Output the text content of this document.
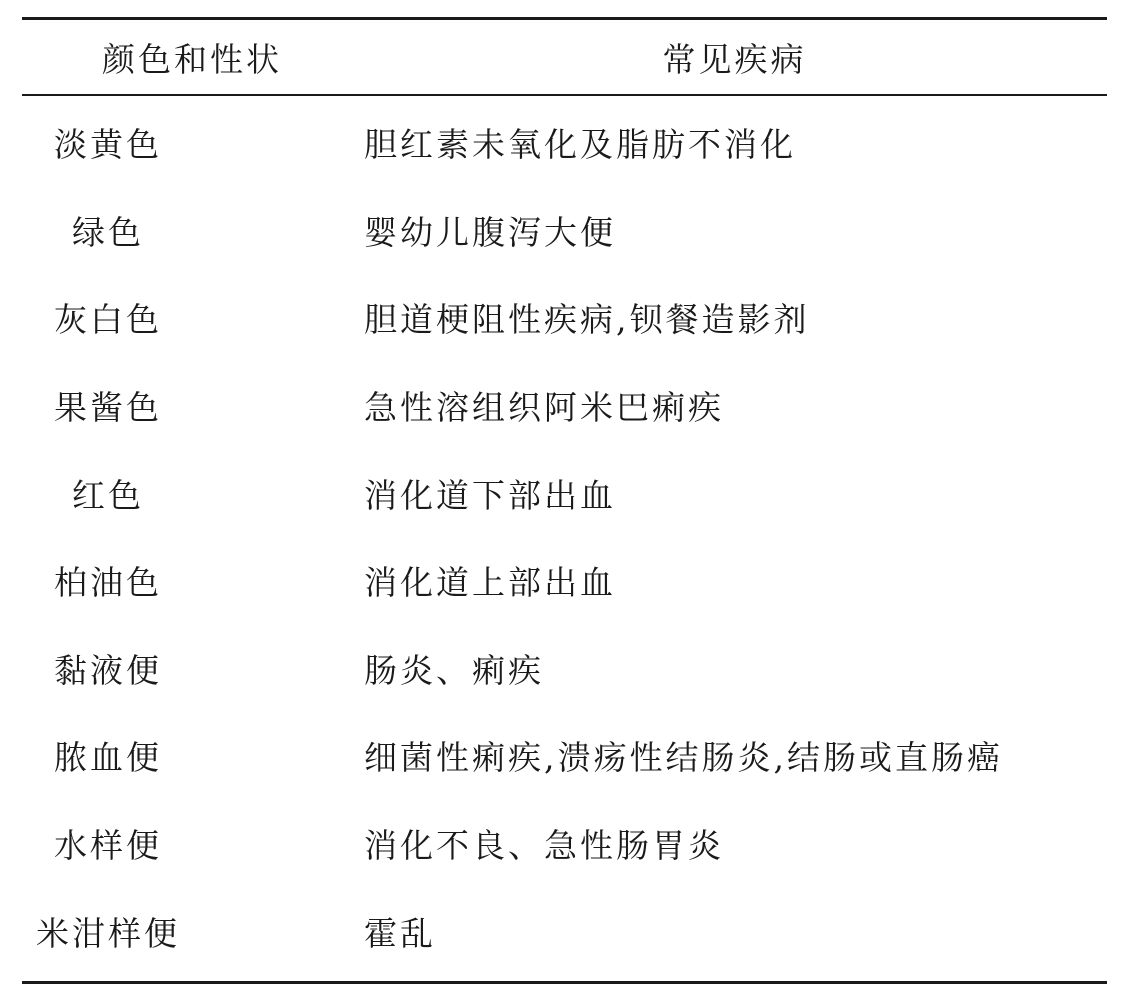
颜色和性状	常见疾病
淡黄色	胆红素未氧化及脂肪不消化
绿色	婴幼儿腹泻大便
灰白色	胆道梗阻性疾病,钡餐造影剂
果酱色	急性溶组织阿米巴痢疾
红色	消化道下部出血
柏油色	消化道上部出血
黏液便	肠炎、痢疾
脓血便	细菌性痢疾,溃疡性结肠炎,结肠或直肠癌
水样便	消化不良、急性肠胃炎
米泔样便	霍乱
